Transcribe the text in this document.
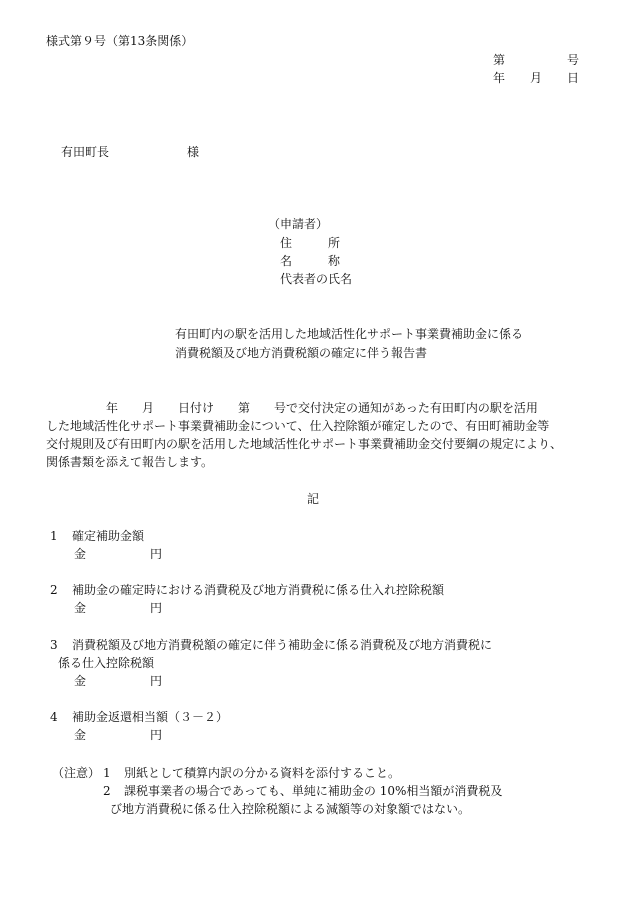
様式第９号（第13条関係）
第	号
年 月 日
有田町長	様
（申請者）
住　　　所
名　　　称
代表者の氏名
有田町内の駅を活用した地域活性化サポート事業費補助金に係る
消費税額及び地方消費税額の確定に伴う報告書
　　　　　年　　月　　日付け　　第　　号で交付決定の通知があった有田町内の駅を活用
した地域活性化サポート事業費補助金について、仕入控除額が確定したので、有田町補助金等
交付規則及び有田町内の駅を活用した地域活性化サポート事業費補助金交付要綱の規定により、
関係書類を添えて報告します。
記
1 確定補助金額
金	円
2 補助金の確定時における消費税及び地方消費税に係る仕入れ控除税額
金	円
3 消費税額及び地方消費税額の確定に伴う補助金に係る消費税及び地方消費税に
係る仕入控除税額
金	円
4 補助金返還相当額（３－２）
金	円
（注意） 1 別紙として積算内訳の分かる資料を添付すること。
2 課税事業者の場合であっても、単純に補助金の 10%相当額が消費税及
び地方消費税に係る仕入控除税額による減額等の対象額ではない。
